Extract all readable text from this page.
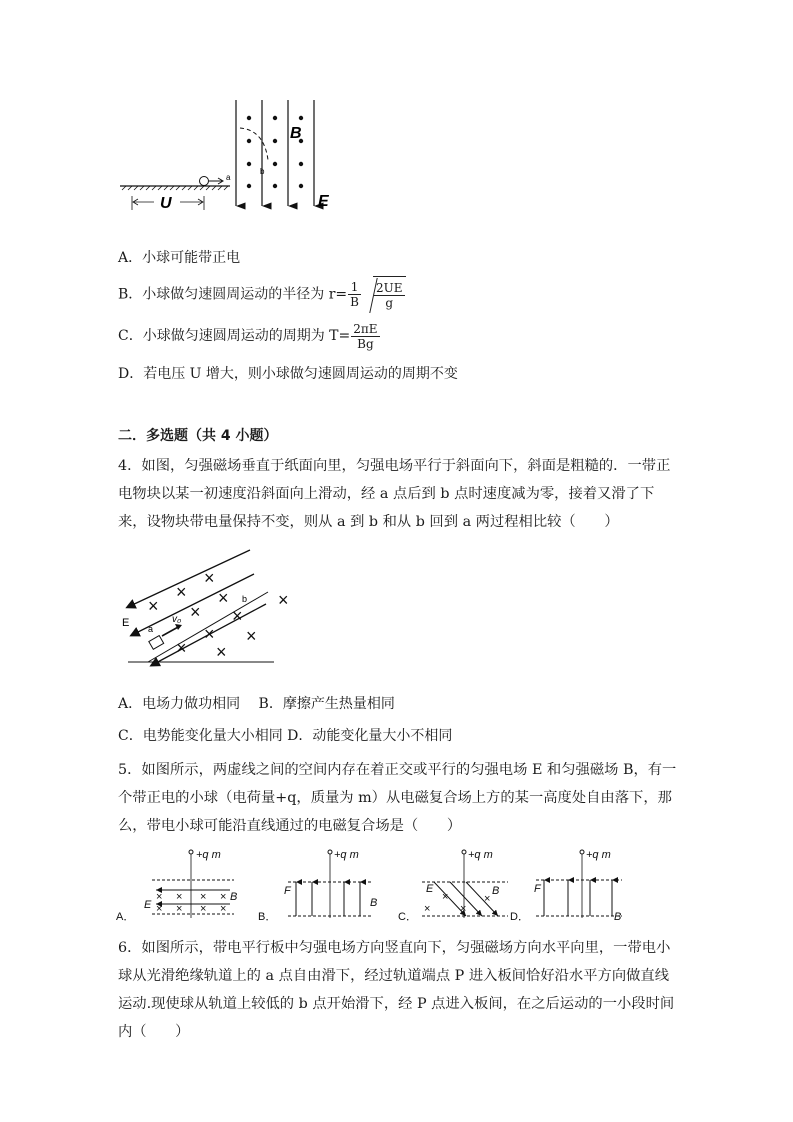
U
a
b
B
E
A．小球可能带正电
B．小球做匀速圆周运动的半径为 $r= \frac{1}{B} \frac{2UE}{g}$
C．小球做匀速圆周运动的周期为 $T= \frac{2\pi E}{Bg}$
D．若电压 U 增大，则小球做匀速圆周运动的周期不变
二．多选题（共 4 小题）
4．如图，匀强磁场垂直于纸面向里，匀强电场平行于斜面向下，斜面是粗糙的．一带正电物块以某一初速度沿斜面向上滑动，经 a 点后到 b 点时速度减为零，接着又滑了下来，设物块带电量保持不变，则从 a 到 b 和从 b 回到 a 两过程相比较（　　）
×
×
×	×
× ×
×
×
×
×
×
v₀
a
b
E
A．电场力做功相同　 B．摩擦产生热量相同
C．电势能变化量大小相同 D．动能变化量大小不相同
5．如图所示，两虚线之间的空间内存在着正交或平行的匀强电场 E 和匀强磁场 B，有一个带正电的小球（电荷量+q，质量为 m）从电磁复合场上方的某一高度处自由落下，那么，带电小球可能沿直线通过的电磁复合场是（　　）
A．
+q m
× × × ×
× × × ×
E
B
B．
+q m
F
B
C．
+q m
×
×
×
×
E	B
D．
+q m
F
B
6．如图所示，带电平行板中匀强电场方向竖直向下，匀强磁场方向水平向里，一带电小球从光滑绝缘轨道上的 a 点自由滑下，经过轨道端点 P 进入板间恰好沿水平方向做直线运动.现使球从轨道上较低的 b 点开始滑下，经 P 点进入板间，在之后运动的一小段时间内（　　）
